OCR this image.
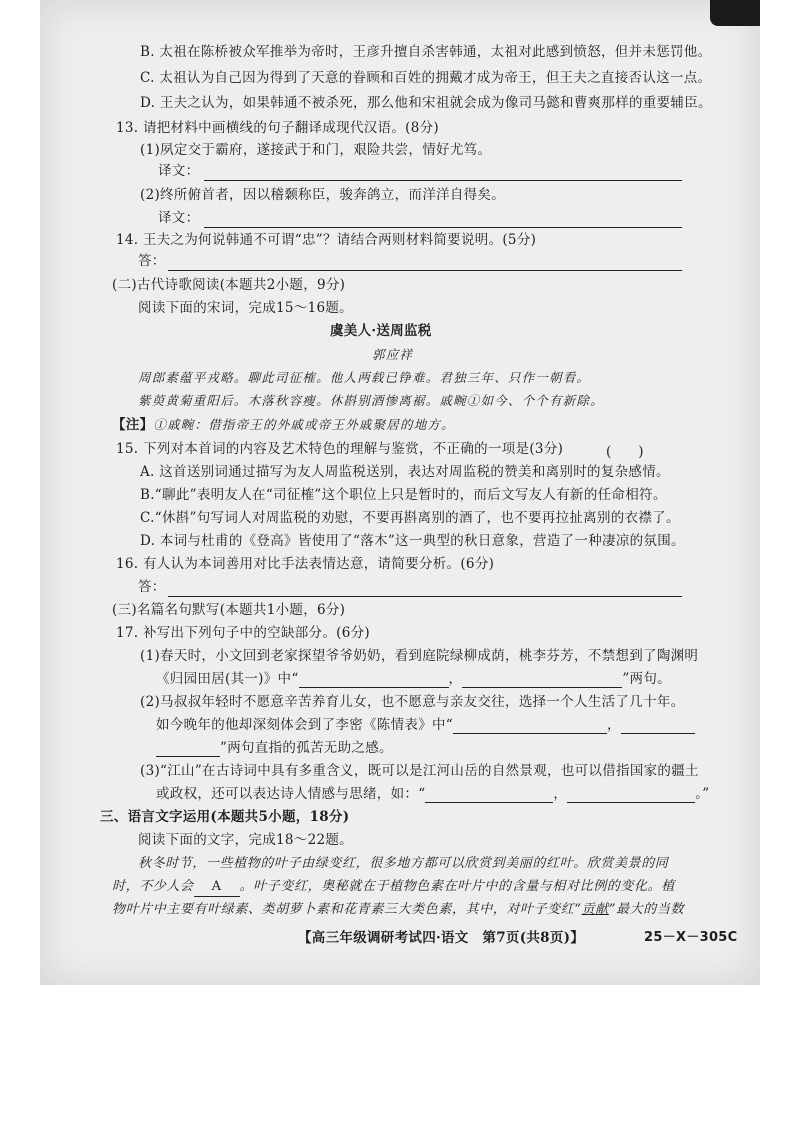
B. 太祖在陈桥被众军推举为帝时，王彦升擅自杀害韩通，太祖对此感到愤怒，但并未惩罚他。
C. 太祖认为自己因为得到了天意的眷顾和百姓的拥戴才成为帝王，但王夫之直接否认这一点。
D. 王夫之认为，如果韩通不被杀死，那么他和宋祖就会成为像司马懿和曹爽那样的重要辅臣。
13. 请把材料中画横线的句子翻译成现代汉语。(8分)
(1)夙定交于霸府，遂接武于和门，艰险共尝，情好尤笃。
译文：
(2)终所俯首者，因以稽颡称臣，骏奔鸽立，而洋洋自得矣。
译文：
14. 王夫之为何说韩通不可谓“忠”？请结合两则材料简要说明。(5分)
答：
(二)古代诗歌阅读(本题共2小题，9分)
阅读下面的宋词，完成15～16题。
虞美人·送周监税
郭应祥
周郎素蕴平戎略。聊此司征榷。他人两载已铮难。君独三年、只作一朝看。
紫萸黄菊重阳后。木落秋容瘦。休斟别酒惨离裾。戚畹①如今、个个有新除。
【注】①戚畹：借指帝王的外戚或帝王外戚聚居的地方。
15. 下列对本首词的内容及艺术特色的理解与鉴赏，不正确的一项是(3分)	(　　)
A. 这首送别词通过描写为友人周监税送别，表达对周监税的赞美和离别时的复杂感情。
B.“聊此”表明友人在“司征榷”这个职位上只是暂时的，而后文写友人有新的任命相符。
C.“休斟”句写词人对周监税的劝慰，不要再斟离别的酒了，也不要再拉扯离别的衣襟了。
D. 本词与杜甫的《登高》皆使用了“落木”这一典型的秋日意象，营造了一种凄凉的氛围。
16. 有人认为本词善用对比手法表情达意，请简要分析。(6分)
答：
(三)名篇名句默写(本题共1小题，6分)
17. 补写出下列句子中的空缺部分。(6分)
(1)春天时，小文回到老家探望爷爷奶奶，看到庭院绿柳成荫，桃李芬芳，不禁想到了陶渊明
《归园田居(其一)》中“	，	”两句。
(2)马叔叔年轻时不愿意辛苦养育儿女，也不愿意与亲友交往，选择一个人生活了几十年。
如今晚年的他却深刻体会到了李密《陈情表》中“	，
”两句直指的孤苦无助之感。
(3)“江山”在古诗词中具有多重含义，既可以是江河山岳的自然景观，也可以借指国家的疆土
或政权，还可以表达诗人情感与思绪，如：“	，	。”
三、语言文字运用(本题共5小题，18分)
阅读下面的文字，完成18～22题。
秋冬时节，一些植物的叶子由绿变红，很多地方都可以欣赏到美丽的红叶。欣赏美景的同
时，不少人会 A 。叶子变红，奥秘就在于植物色素在叶片中的含量与相对比例的变化。植
物叶片中主要有叶绿素、类胡萝卜素和花青素三大类色素，其中，对叶子变红“贡献”最大的当数
【高三年级调研考试四·语文　第7页(共8页)】	25－X－305C
